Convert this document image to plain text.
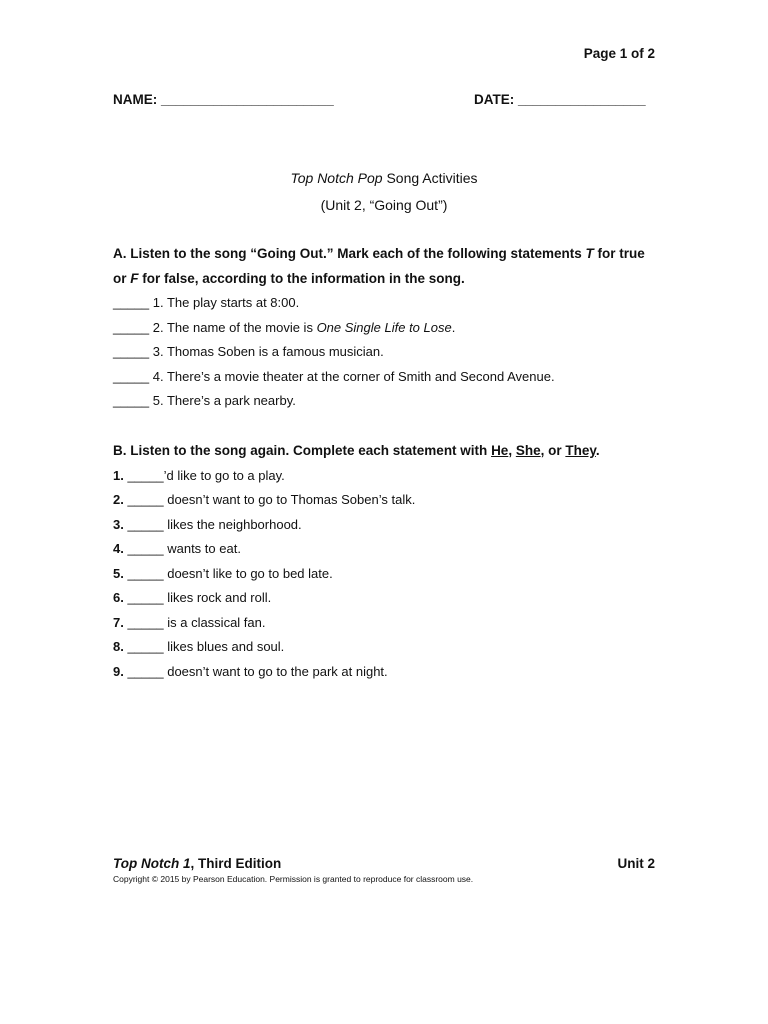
Page 1 of 2
NAME: _______________________	DATE: _________________
Top Notch Pop Song Activities
(Unit 2, “Going Out”)
A. Listen to the song “Going Out.” Mark each of the following statements T for true or F for false, according to the information in the song.
_____ 1. The play starts at 8:00.
_____ 2. The name of the movie is One Single Life to Lose.
_____ 3. Thomas Soben is a famous musician.
_____ 4. There’s a movie theater at the corner of Smith and Second Avenue.
_____ 5. There’s a park nearby.
B. Listen to the song again. Complete each statement with He, She, or They.
1. _____’d like to go to a play.
2. _____ doesn’t want to go to Thomas Soben’s talk.
3. _____ likes the neighborhood.
4. _____ wants to eat.
5. _____ doesn’t like to go to bed late.
6. _____ likes rock and roll.
7. _____ is a classical fan.
8. _____ likes blues and soul.
9. _____ doesn’t want to go to the park at night.
Top Notch 1, Third Edition	Unit 2
Copyright © 2015 by Pearson Education. Permission is granted to reproduce for classroom use.
